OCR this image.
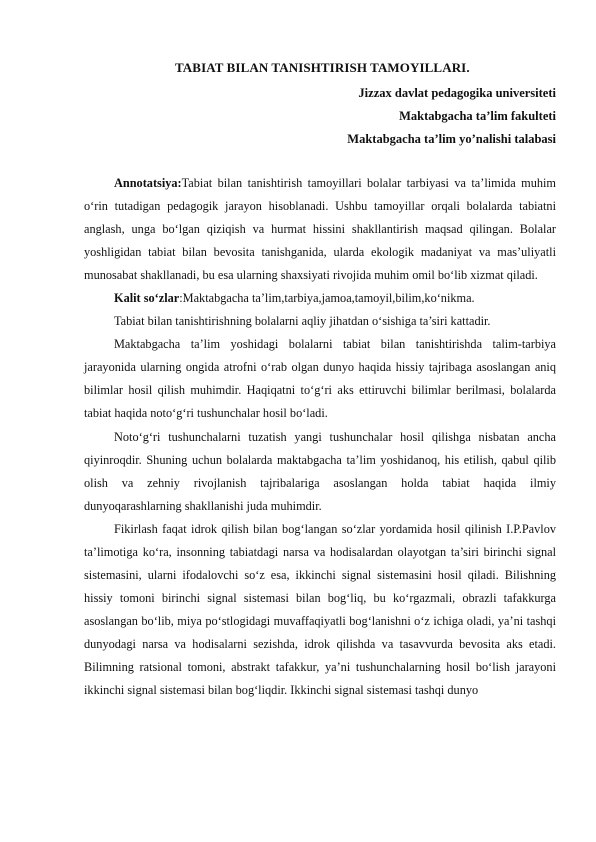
TABIAT BILAN TANISHTIRISH TAMOYILLARI.
Jizzax davlat pedagogika universiteti
Maktabgacha ta’lim fakulteti
Maktabgacha ta’lim yo’nalishi talabasi

Annotatsiya:Tabiat bilan tanishtirish tamoyillari bolalar tarbiyasi va ta’limida muhim o‘rin tutadigan pedagogik jarayon hisoblanadi. Ushbu tamoyillar orqali bolalarda tabiatni anglash, unga bo‘lgan qiziqish va hurmat hissini shakllantirish maqsad qilingan. Bolalar yoshligidan tabiat bilan bevosita tanishganida, ularda ekologik madaniyat va mas’uliyatli munosabat shakllanadi, bu esa ularning shaxsiyati rivojida muhim omil bo‘lib xizmat qiladi.

Kalit so‘zlar:Maktabgacha ta’lim,tarbiya,jamoa,tamoyil,bilim,ko‘nikma.

Tabiat bilan tanishtirishning bolalarni aqliy jihatdan o‘sishiga ta’siri kattadir.

Maktabgacha ta’lim yoshidagi bolalarni tabiat bilan tanishtirishda talim-tarbiya jarayonida ularning ongida atrofni o‘rab olgan dunyo haqida hissiy tajribaga asoslangan aniq bilimlar hosil qilish muhimdir. Haqiqatni to‘g‘ri aks ettiruvchi bilimlar berilmasi, bolalarda tabiat haqida noto‘g‘ri tushunchalar hosil bo‘ladi.

Noto‘g‘ri tushunchalarni tuzatish yangi tushunchalar hosil qilishga nisbatan ancha qiyinroqdir. Shuning uchun bolalarda maktabgacha ta’lim yoshidanoq, his etilish, qabul qilib olish va zehniy rivojlanish tajribalariga asoslangan holda tabiat haqida ilmiy dunyoqarashlarning shakllanishi juda muhimdir.

Fikirlash faqat idrok qilish bilan bog‘langan so‘zlar yordamida hosil qilinish I.P.Pavlov ta’limotiga ko‘ra, insonning tabiatdagi narsa va hodisalardan olayotgan ta’siri birinchi signal sistemasini, ularni ifodalovchi so‘z esa, ikkinchi signal sistemasini hosil qiladi. Bilishning hissiy tomoni birinchi signal sistemasi bilan bog‘liq, bu ko‘rgazmali, obrazli tafakkurga asoslangan bo‘lib, miya po‘stlogidagi muvaffaqiyatli bog‘lanishni o‘z ichiga oladi, ya’ni tashqi dunyodagi narsa va hodisalarni sezishda, idrok qilishda va tasavvurda bevosita aks etadi. Bilimning ratsional tomoni, abstrakt tafakkur, ya’ni tushunchalarning hosil bo‘lish jarayoni ikkinchi signal sistemasi bilan bog‘liqdir. Ikkinchi signal sistemasi tashqi dunyo
